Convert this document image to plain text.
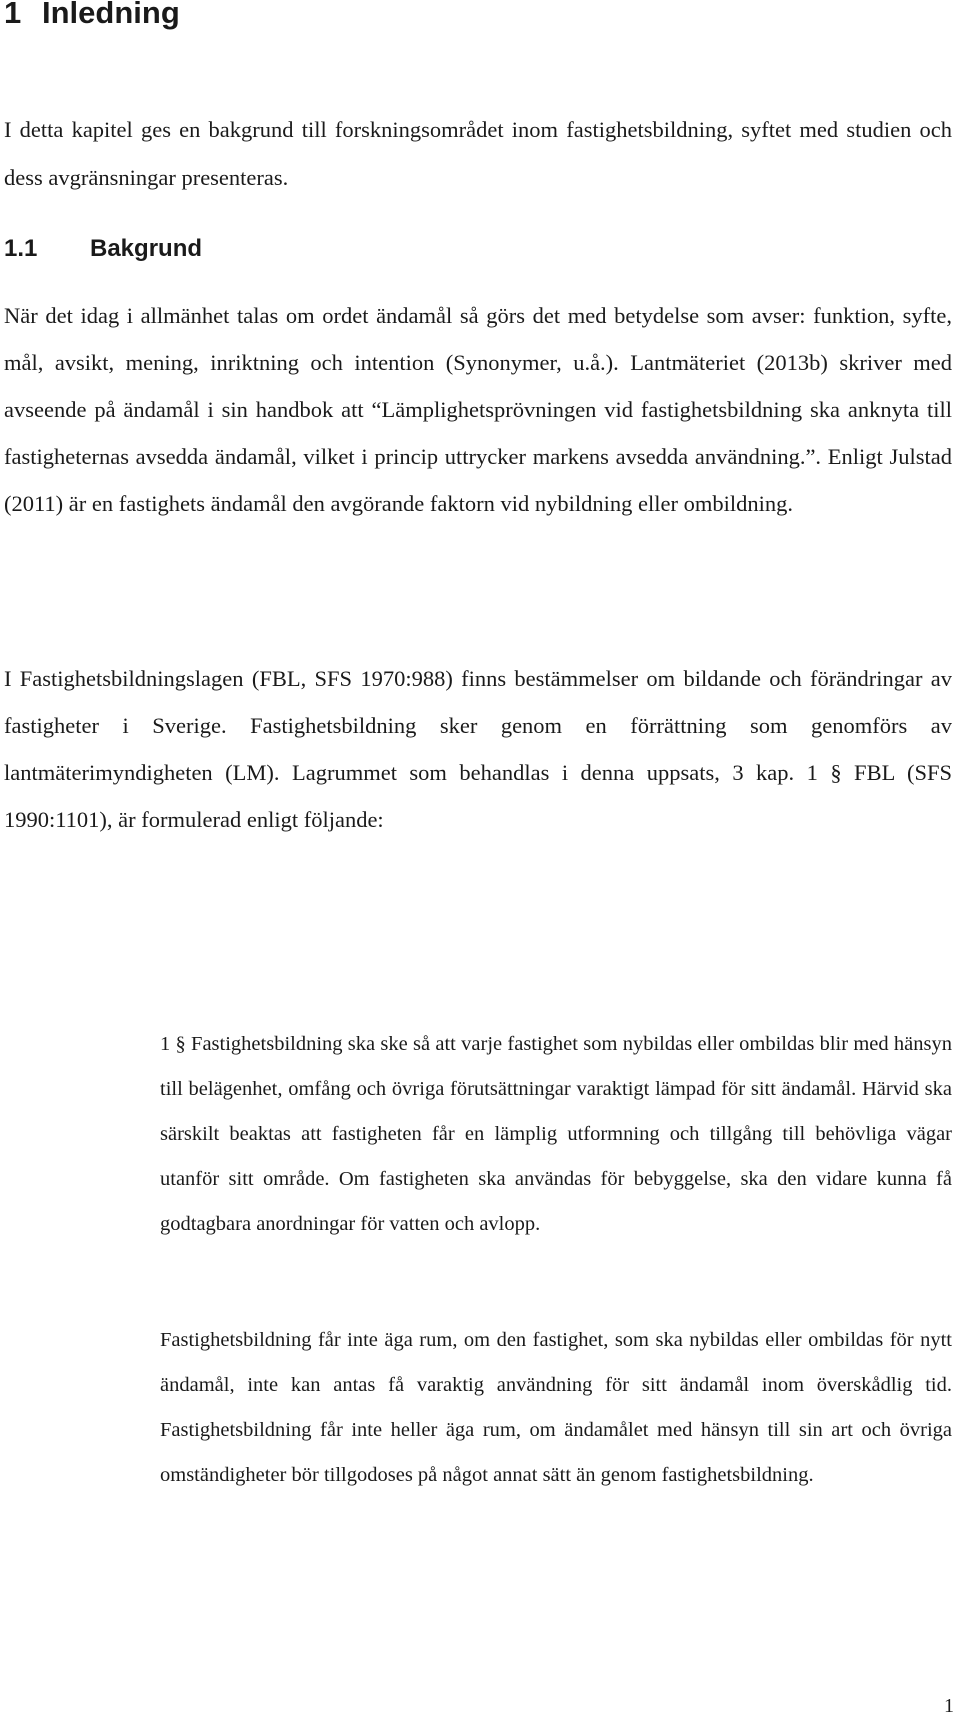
1 Inledning

I detta kapitel ges en bakgrund till forskningsområdet inom fastighetsbildning, syftet med studien och dess avgränsningar presenteras.

1.1 Bakgrund

När det idag i allmänhet talas om ordet ändamål så görs det med betydelse som avser: funktion, syfte, mål, avsikt, mening, inriktning och intention (Synonymer, u.å.). Lantmäteriet (2013b) skriver med avseende på ändamål i sin handbok att “Lämplighetsprövningen vid fastighetsbildning ska anknyta till fastigheternas avsedda ändamål, vilket i princip uttrycker markens avsedda användning.”. Enligt Julstad (2011) är en fastighets ändamål den avgörande faktorn vid nybildning eller ombildning.

I Fastighetsbildningslagen (FBL, SFS 1970:988) finns bestämmelser om bildande och förändringar av fastigheter i Sverige. Fastighetsbildning sker genom en förrättning som genomförs av lantmäterimyndigheten (LM). Lagrummet som behandlas i denna uppsats, 3 kap. 1 § FBL (SFS 1990:1101), är formulerad enligt följande:

1 § Fastighetsbildning ska ske så att varje fastighet som nybildas eller ombildas blir med hänsyn till belägenhet, omfång och övriga förutsättningar varaktigt lämpad för sitt ändamål. Härvid ska särskilt beaktas att fastigheten får en lämplig utformning och tillgång till behövliga vägar utanför sitt område. Om fastigheten ska användas för bebyggelse, ska den vidare kunna få godtagbara anordningar för vatten och avlopp.

Fastighetsbildning får inte äga rum, om den fastighet, som ska nybildas eller ombildas för nytt ändamål, inte kan antas få varaktig användning för sitt ändamål inom överskådlig tid. Fastighetsbildning får inte heller äga rum, om ändamålet med hänsyn till sin art och övriga omständigheter bör tillgodoses på något annat sätt än genom fastighetsbildning.

1
